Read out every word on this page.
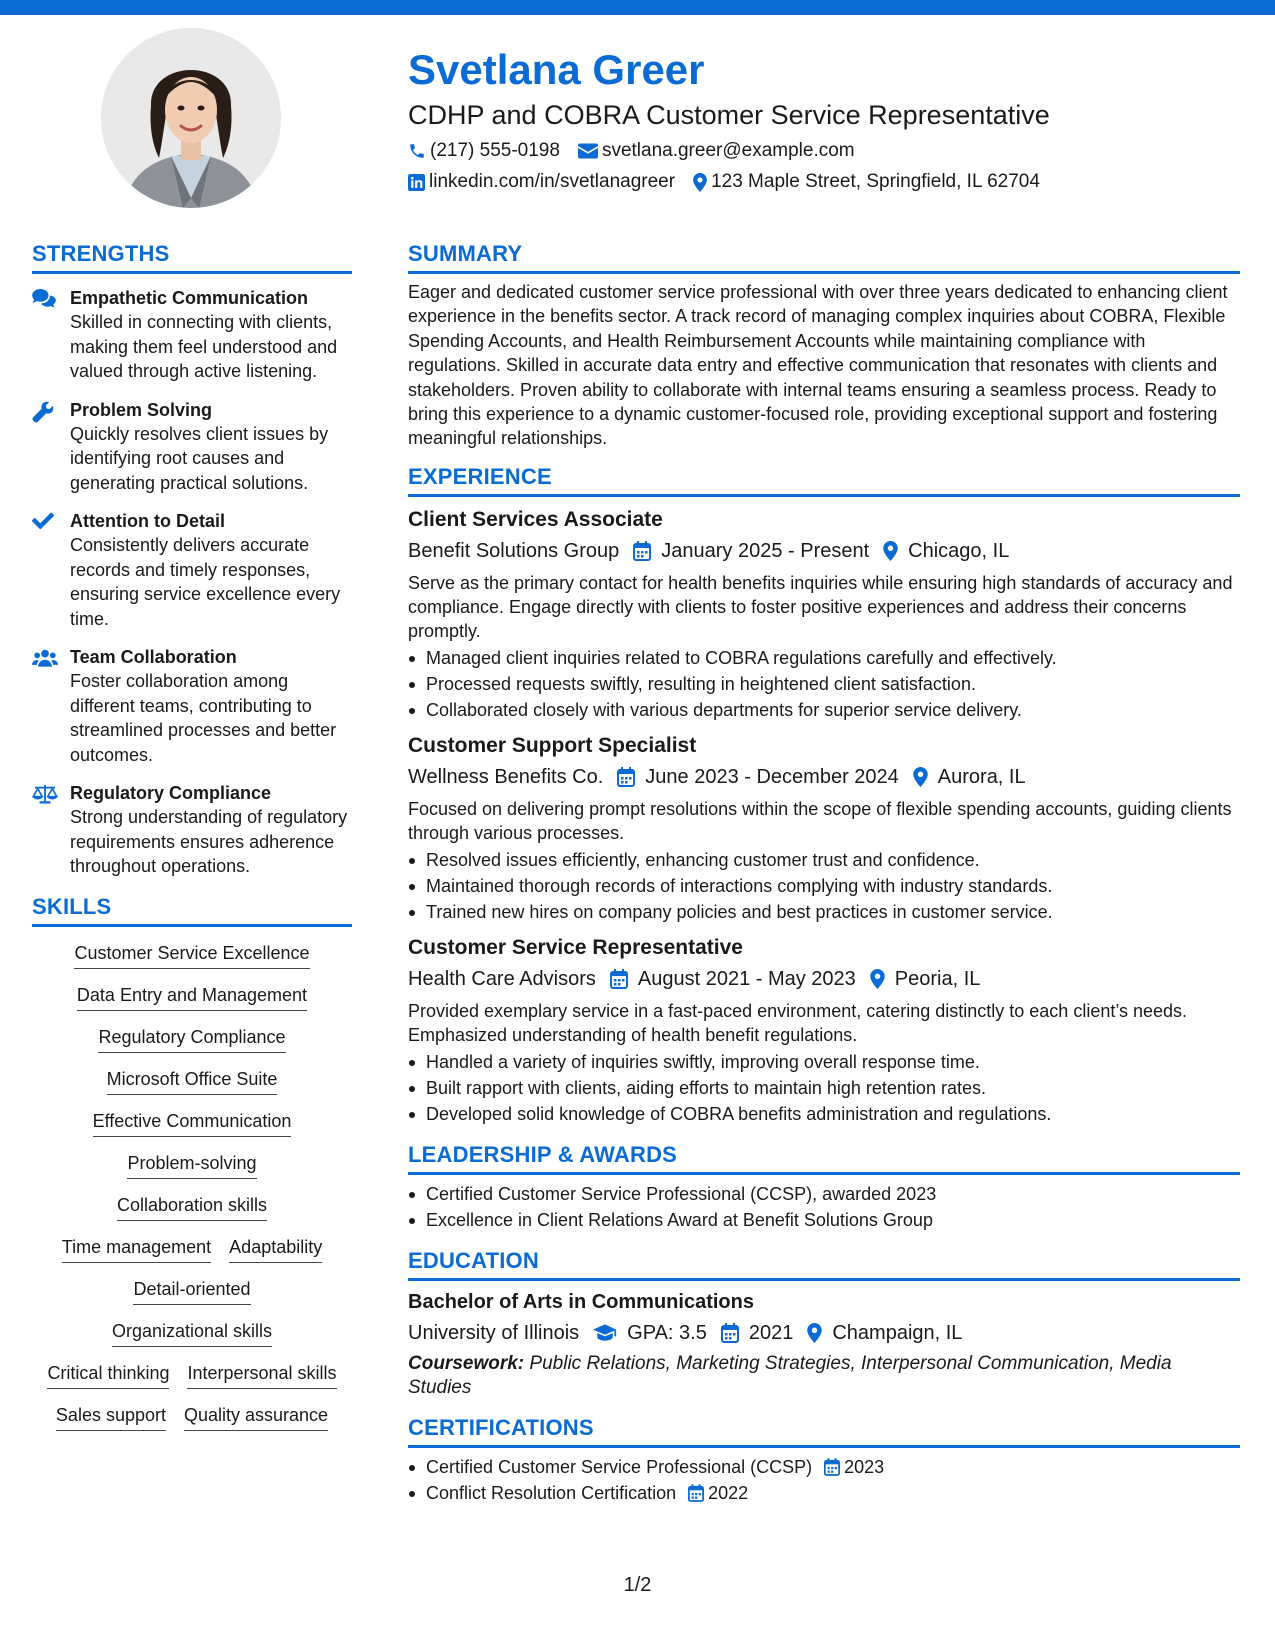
Svetlana Greer
CDHP and COBRA Customer Service Representative
(217) 555-0198 svetlana.greer@example.com
linkedin.com/in/svetlanagreer 123 Maple Street, Springfield, IL 62704
STRENGTHS
Empathetic Communication
Skilled in connecting with clients, making them feel understood and valued through active listening.
Problem Solving
Quickly resolves client issues by identifying root causes and generating practical solutions.
Attention to Detail
Consistently delivers accurate records and timely responses, ensuring service excellence every time.
Team Collaboration
Foster collaboration among different teams, contributing to streamlined processes and better outcomes.
Regulatory Compliance
Strong understanding of regulatory requirements ensures adherence throughout operations.
SKILLS
Customer Service Excellence
Data Entry and Management
Regulatory Compliance
Microsoft Office Suite
Effective Communication
Problem-solving
Collaboration skills
Time management Adaptability
Detail-oriented
Organizational skills
Critical thinking Interpersonal skills
Sales support Quality assurance
SUMMARY
Eager and dedicated customer service professional with over three years dedicated to enhancing client experience in the benefits sector. A track record of managing complex inquiries about COBRA, Flexible Spending Accounts, and Health Reimbursement Accounts while maintaining compliance with regulations. Skilled in accurate data entry and effective communication that resonates with clients and stakeholders. Proven ability to collaborate with internal teams ensuring a seamless process. Ready to bring this experience to a dynamic customer-focused role, providing exceptional support and fostering meaningful relationships.
EXPERIENCE
Client Services Associate
Benefit Solutions Group January 2025 - Present Chicago, IL
Serve as the primary contact for health benefits inquiries while ensuring high standards of accuracy and compliance. Engage directly with clients to foster positive experiences and address their concerns promptly.
Managed client inquiries related to COBRA regulations carefully and effectively.
Processed requests swiftly, resulting in heightened client satisfaction.
Collaborated closely with various departments for superior service delivery.
Customer Support Specialist
Wellness Benefits Co. June 2023 - December 2024 Aurora, IL
Focused on delivering prompt resolutions within the scope of flexible spending accounts, guiding clients through various processes.
Resolved issues efficiently, enhancing customer trust and confidence.
Maintained thorough records of interactions complying with industry standards.
Trained new hires on company policies and best practices in customer service.
Customer Service Representative
Health Care Advisors August 2021 - May 2023 Peoria, IL
Provided exemplary service in a fast-paced environment, catering distinctly to each client’s needs. Emphasized understanding of health benefit regulations.
Handled a variety of inquiries swiftly, improving overall response time.
Built rapport with clients, aiding efforts to maintain high retention rates.
Developed solid knowledge of COBRA benefits administration and regulations.
LEADERSHIP & AWARDS
Certified Customer Service Professional (CCSP), awarded 2023
Excellence in Client Relations Award at Benefit Solutions Group
EDUCATION
Bachelor of Arts in Communications
University of Illinois GPA: 3.5 2021 Champaign, IL
Coursework: Public Relations, Marketing Strategies, Interpersonal Communication, Media Studies
CERTIFICATIONS
Certified Customer Service Professional (CCSP) 2023
Conflict Resolution Certification 2022
1/2
